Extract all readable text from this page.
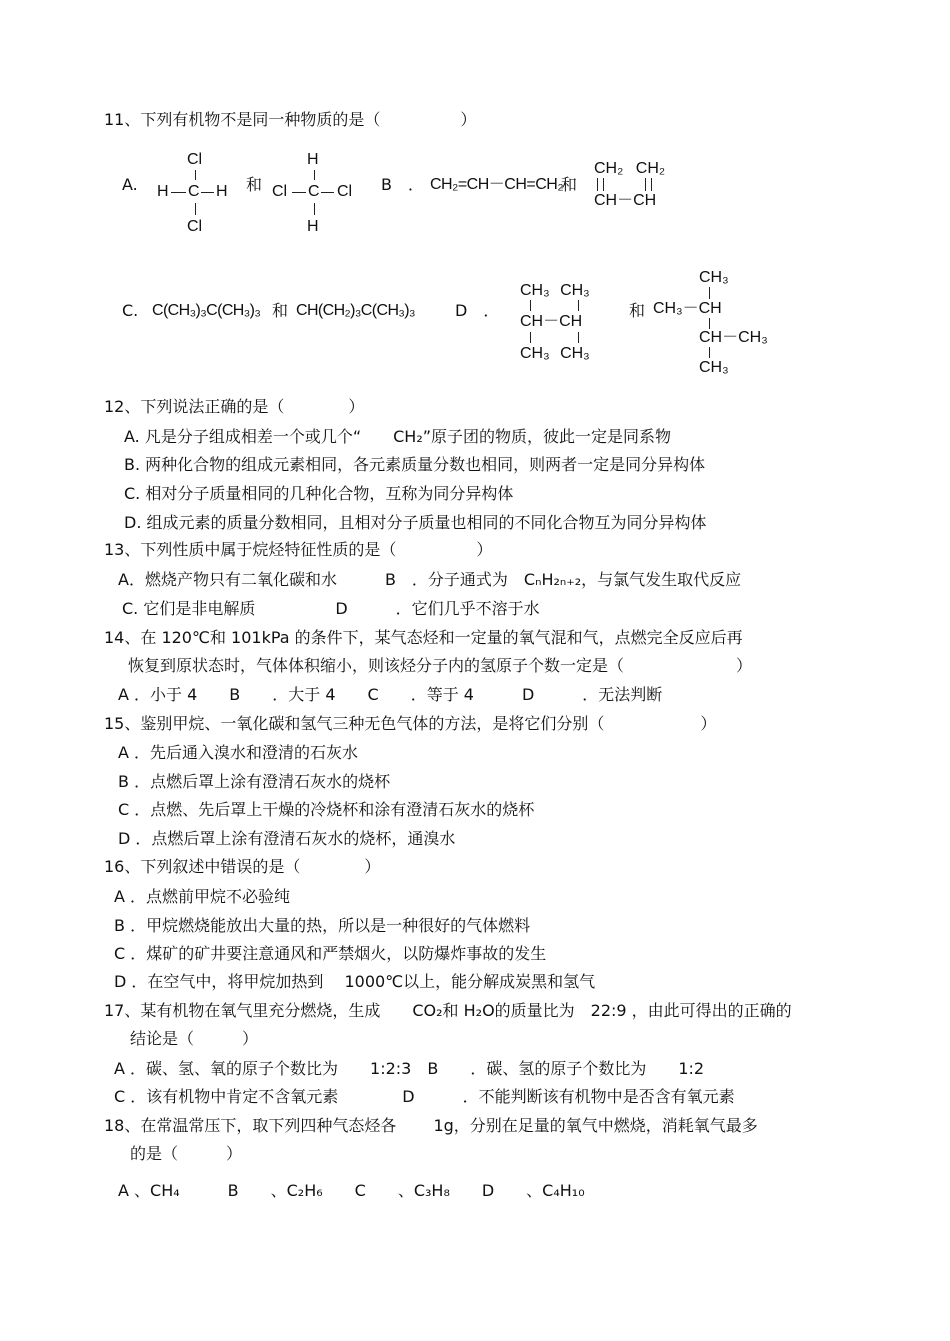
11、下列有机物不是同一种物质的是（　　　　　）
A.
Cl
H C H
Cl
和
H
Cl C Cl
H
B　． CH₂=CH－CH=CH₂
和
CH₂ CH₂
CH－CH
C. C(CH₃)₃C(CH₃)₃ 和 CH(CH₂)₃C(CH₃)₃	D　．
CH₃ CH₃
CH－CH
CH₃ CH₃
和
CH₃
CH₃－CH
CH－CH₃
CH₃
12、下列说法正确的是（　　　　）
A. 凡是分子组成相差一个或几个“　　CH₂”原子团的物质，彼此一定是同系物
B. 两种化合物的组成元素相同，各元素质量分数也相同，则两者一定是同分异构体
C. 相对分子质量相同的几种化合物，互称为同分异构体
D. 组成元素的质量分数相同，且相对分子质量也相同的不同化合物互为同分异构体
13、下列性质中属于烷烃特征性质的是（　　　　　）
A．燃烧产物只有二氧化碳和水　　　B　．分子通式为　CₙH₂ₙ₊₂，与氯气发生取代反应
C. 它们是非电解质　　　　　D　　　．它们几乎不溶于水
14、在 120℃和 101kPa 的条件下，某气态烃和一定量的氧气混和气，点燃完全反应后再
恢复到原状态时，气体体积缩小，则该烃分子内的氢原子个数一定是（　　　　　　　）
A ．小于 4　　B　　．大于 4　　C　　．等于 4　　　D　　　．无法判断
15、鉴别甲烷、一氧化碳和氢气三种无色气体的方法，是将它们分别（　　　　　　）
A ．先后通入溴水和澄清的石灰水
B ．点燃后罩上涂有澄清石灰水的烧杯
C ．点燃、先后罩上干燥的冷烧杯和涂有澄清石灰水的烧杯
D ．点燃后罩上涂有澄清石灰水的烧杯，通溴水
16、下列叙述中错误的是（　　　　）
A ．点燃前甲烷不必验纯
B ．甲烷燃烧能放出大量的热，所以是一种很好的气体燃料
C ．煤矿的矿井要注意通风和严禁烟火，以防爆炸事故的发生
D ．在空气中，将甲烷加热到　 1000℃以上，能分解成炭黑和氢气
17、某有机物在氧气里充分燃烧，生成　　CO₂和 H₂O的质量比为　22:9 ，由此可得出的正确的
结论是（　　　）
A ．碳、氢、氧的原子个数比为　　1:2:3　B　　．碳、氢的原子个数比为　　1:2
C ．该有机物中肯定不含氧元素　　　　D　　　．不能判断该有机物中是否含有氧元素
18、在常温常压下，取下列四种气态烃各　　 1g，分别在足量的氧气中燃烧，消耗氧气最多
的是（　　　）
A 、CH₄　　　B　　、C₂H₆　　C　　、C₃H₈　　D　　、C₄H₁₀
